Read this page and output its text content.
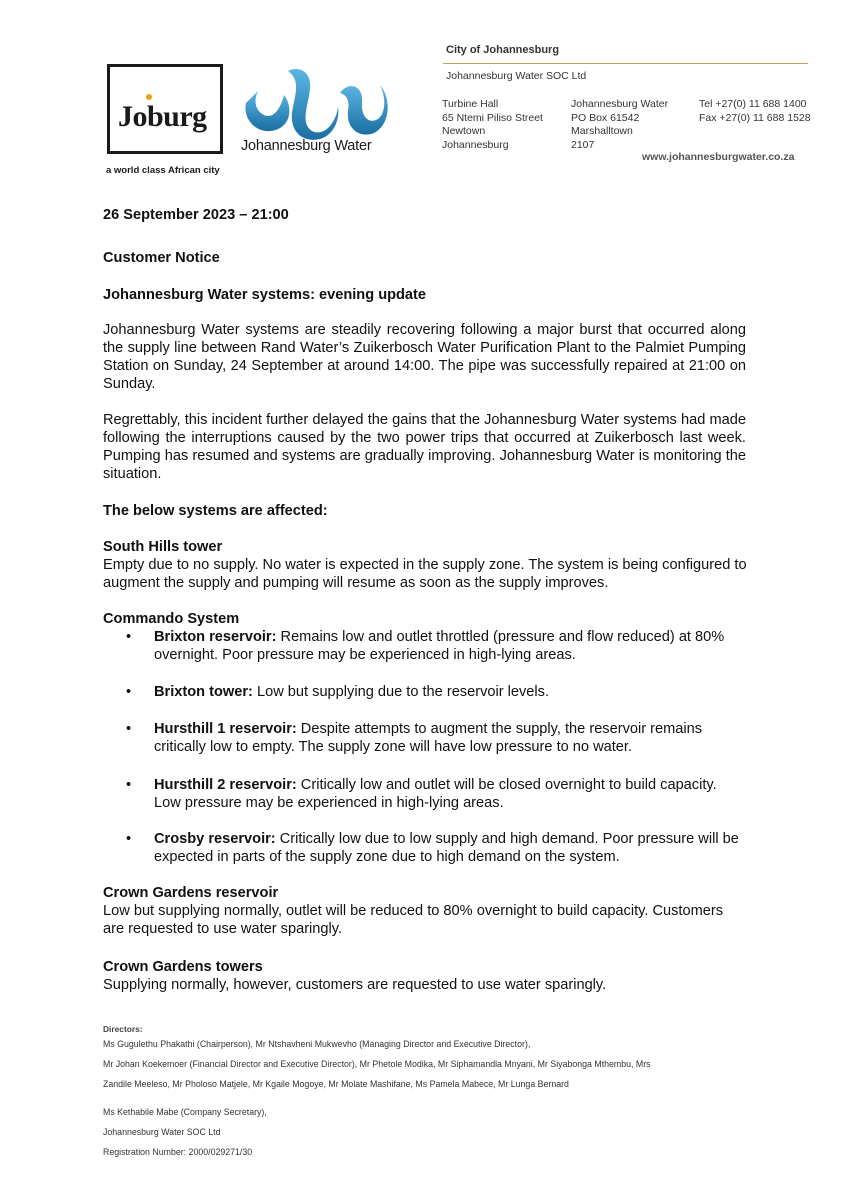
Joburg
a world class African city
Johannesburg Water
City of Johannesburg
Johannesburg Water SOC Ltd
Turbine Hall
65 Ntemi Piliso Street
Newtown
Johannesburg
Johannesburg Water
PO Box 61542
Marshalltown
2107
Tel +27(0) 11 688 1400
Fax +27(0) 11 688 1528
www.johannesburgwater.co.za
26 September 2023 – 21:00
Customer Notice
Johannesburg Water systems: evening update
Johannesburg Water systems are steadily recovering following a major burst that occurred along the supply line between Rand Water’s Zuikerbosch Water Purification Plant to the Palmiet Pumping Station on Sunday, 24 September at around 14:00. The pipe was successfully repaired at 21:00 on Sunday.
Regrettably, this incident further delayed the gains that the Johannesburg Water systems had made following the interruptions caused by the two power trips that occurred at Zuikerbosch last week. Pumping has resumed and systems are gradually improving. Johannesburg Water is monitoring the situation.
The below systems are affected:
South Hills tower
Empty due to no supply. No water is expected in the supply zone. The system is being configured to augment the supply and pumping will resume as soon as the supply improves.
Commando System
• Brixton reservoir: Remains low and outlet throttled (pressure and flow reduced) at 80% overnight. Poor pressure may be experienced in high-lying areas.
• Brixton tower: Low but supplying due to the reservoir levels.
• Hursthill 1 reservoir: Despite attempts to augment the supply, the reservoir remains critically low to empty. The supply zone will have low pressure to no water.
• Hursthill 2 reservoir: Critically low and outlet will be closed overnight to build capacity. Low pressure may be experienced in high-lying areas.
• Crosby reservoir: Critically low due to low supply and high demand. Poor pressure will be expected in parts of the supply zone due to high demand on the system.
Crown Gardens reservoir
Low but supplying normally, outlet will be reduced to 80% overnight to build capacity. Customers are requested to use water sparingly.
Crown Gardens towers
Supplying normally, however, customers are requested to use water sparingly.
Directors:
Ms Gugulethu Phakathi (Chairperson), Mr Ntshavheni Mukwevho (Managing Director and Executive Director),
Mr Johan Koekemoer (Financial Director and Executive Director), Mr Phetole Modika, Mr Siphamandla Mnyani, Mr Siyabonga Mthembu, Mrs
Zandile Meeleso, Mr Pholoso Matjele, Mr Kgaile Mogoye, Mr Molate Mashifane, Ms Pamela Mabece, Mr Lunga Bernard
Ms Kethabile Mabe (Company Secretary),
Johannesburg Water SOC Ltd
Registration Number: 2000/029271/30
